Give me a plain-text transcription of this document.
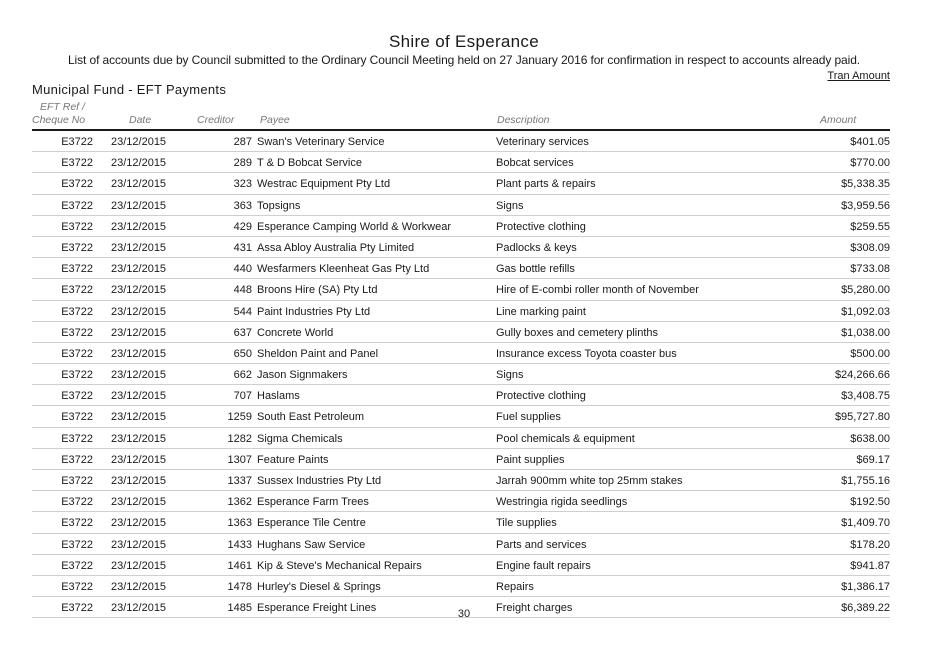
Shire of Esperance
List of accounts due by Council submitted to the Ordinary Council Meeting held on 27 January 2016 for confirmation in respect to accounts already paid.
Tran Amount
Municipal Fund - EFT Payments
EFT Ref /
Cheque No	Date	Creditor Payee	Description	Amount
E3722 23/12/2015	287 Swan's Veterinary Service	Veterinary services	$401.05
E3722 23/12/2015	289 T & D Bobcat Service	Bobcat services	$770.00
E3722 23/12/2015	323 Westrac Equipment Pty Ltd	Plant parts & repairs	$5,338.35
E3722 23/12/2015	363 Topsigns	Signs	$3,959.56
E3722 23/12/2015	429 Esperance Camping World & Workwear	Protective clothing	$259.55
E3722 23/12/2015	431 Assa Abloy Australia Pty Limited	Padlocks & keys	$308.09
E3722 23/12/2015	440 Wesfarmers Kleenheat Gas Pty Ltd	Gas bottle refills	$733.08
E3722 23/12/2015	448 Broons Hire (SA) Pty Ltd	Hire of E-combi roller month of November	$5,280.00
E3722 23/12/2015	544 Paint Industries Pty Ltd	Line marking paint	$1,092.03
E3722 23/12/2015	637 Concrete World	Gully boxes and cemetery plinths	$1,038.00
E3722 23/12/2015	650 Sheldon Paint and Panel	Insurance excess Toyota coaster bus	$500.00
E3722 23/12/2015	662 Jason Signmakers	Signs	$24,266.66
E3722 23/12/2015	707 Haslams	Protective clothing	$3,408.75
E3722 23/12/2015	1259 South East Petroleum	Fuel supplies	$95,727.80
E3722 23/12/2015	1282 Sigma Chemicals	Pool chemicals & equipment	$638.00
E3722 23/12/2015	1307 Feature Paints	Paint supplies	$69.17
E3722 23/12/2015	1337 Sussex Industries Pty Ltd	Jarrah 900mm white top 25mm stakes	$1,755.16
E3722 23/12/2015	1362 Esperance Farm Trees	Westringia rigida seedlings	$192.50
E3722 23/12/2015	1363 Esperance Tile Centre	Tile supplies	$1,409.70
E3722 23/12/2015	1433 Hughans Saw Service	Parts and services	$178.20
E3722 23/12/2015	1461 Kip & Steve's Mechanical Repairs	Engine fault repairs	$941.87
E3722 23/12/2015	1478 Hurley's Diesel & Springs	Repairs	$1,386.17
E3722 23/12/2015	1485 Esperance Freight Lines	Freight charges	$6,389.22
30
